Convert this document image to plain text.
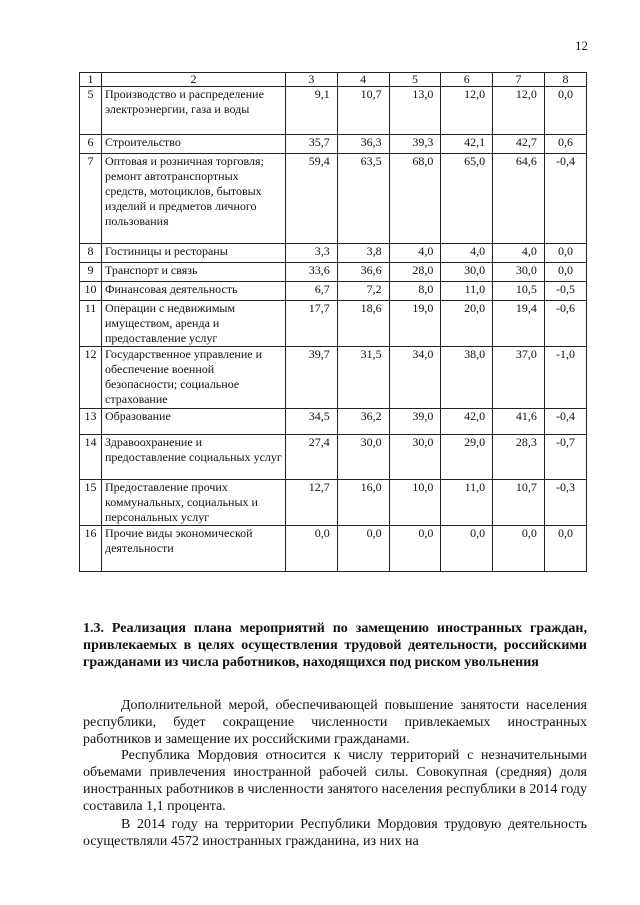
12
1	2	3	4	5	6	7	8
5	Производство и распределение электроэнергии, газа и воды	9,1	10,7	13,0	12,0	12,0	0,0
6	Строительство	35,7	36,3	39,3	42,1	42,7	0,6
7	Оптовая и розничная торговля; ремонт автотранспортных средств, мотоциклов, бытовых изделий и предметов личного пользования	59,4	63,5	68,0	65,0	64,6	-0,4
8	Гостиницы и рестораны	3,3	3,8	4,0	4,0	4,0	0,0
9	Транспорт и связь	33,6	36,6	28,0	30,0	30,0	0,0
10	Финансовая деятельность	6,7	7,2	8,0	11,0	10,5	-0,5
11	Операции с недвижимым имуществом, аренда и предоставление услуг	17,7	18,6	19,0	20,0	19,4	-0,6
12	Государственное управление и обеспечение военной безопасности; социальное страхование	39,7	31,5	34,0	38,0	37,0	-1,0
13	Образование	34,5	36,2	39,0	42,0	41,6	-0,4
14	Здравоохранение и предоставление социальных услуг	27,4	30,0	30,0	29,0	28,3	-0,7
15	Предоставление прочих коммунальных, социальных и персональных услуг	12,7	16,0	10,0	11,0	10,7	-0,3
16	Прочие виды экономической деятельности	0,0	0,0	0,0	0,0	0,0	0,0
1.3. Реализация плана мероприятий по замещению иностранных граждан, привлекаемых в целях осуществления трудовой деятельности, российскими гражданами из числа работников, находящихся под риском увольнения

Дополнительной мерой, обеспечивающей повышение занятости населения республики, будет сокращение численности привлекаемых иностранных работников и замещение их российскими гражданами.

Республика Мордовия относится к числу территорий с незначительными объемами привлечения иностранной рабочей силы. Совокупная (средняя) доля иностранных работников в численности занятого населения республики в 2014 году составила 1,1 процента.

В 2014 году на территории Республики Мордовия трудовую деятельность осуществляли 4572 иностранных гражданина, из них на
